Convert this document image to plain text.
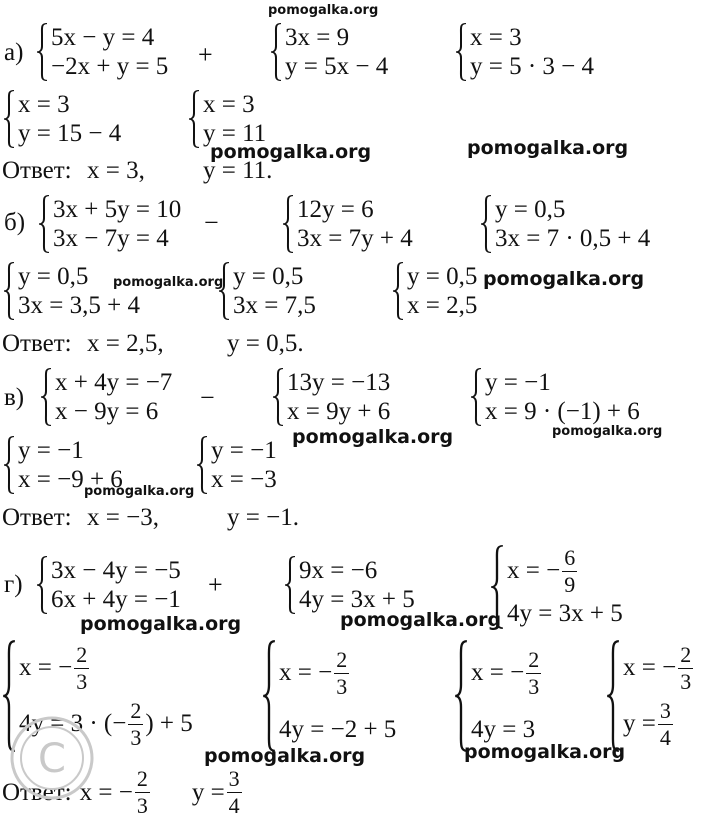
а)
5x − y = 4
−2x + y = 5 +
3x = 9
y = 5x − 4
x = 3
y = 5 · 3 − 4
x = 3
y = 15 − 4
x = 3
y = 11
Ответ: x = 3, y = 11.
б) 3x + 5y = 10
3x − 7y = 4
−	12y = 6
3x = 7y + 4
y = 0,5
3x = 7 · 0,5 + 4
y = 0,5
3x = 3,5 + 4
y = 0,5
3x = 7,5
y = 0,5
x = 2,5
Ответ: x = 2,5,	y = 0,5.
в)
x + 4y = −7
x − 9y = 6	−
13y = −13
x = 9y + 6
y = −1
x = 9 · (−1) + 6
y = −1
x = −9 + 6
y = −1
x = −3
Ответ: x = −3,	y = −1.
г)
3x − 4y = −5
6x + 4y = −1
+	9x = −6
4y = 3x + 5
x = − $\frac{6}{9}$
4y = 3x + 5
x = − $\frac{2}{3}$
4y = 3 · (− $\frac{2}{3}$ ) + 5
x = − $\frac{2}{3}$
4y = −2 + 5
x = − $\frac{2}{3}$
4y = 3
x = − $\frac{2}{3}$
$y = \frac{3}{4}$
Ответ: x = − $\frac{2}{3}$ $y = \frac{3}{4}$
C
pomogalka.org
pomogalka.org	pomogalka.org
pomogalka.org	pomogalka.org
pomogalka.org	pomogalka.org
pomogalka.org
pomogalka.org	pomogalka.org
pomogalka.org	pomogalka.org
